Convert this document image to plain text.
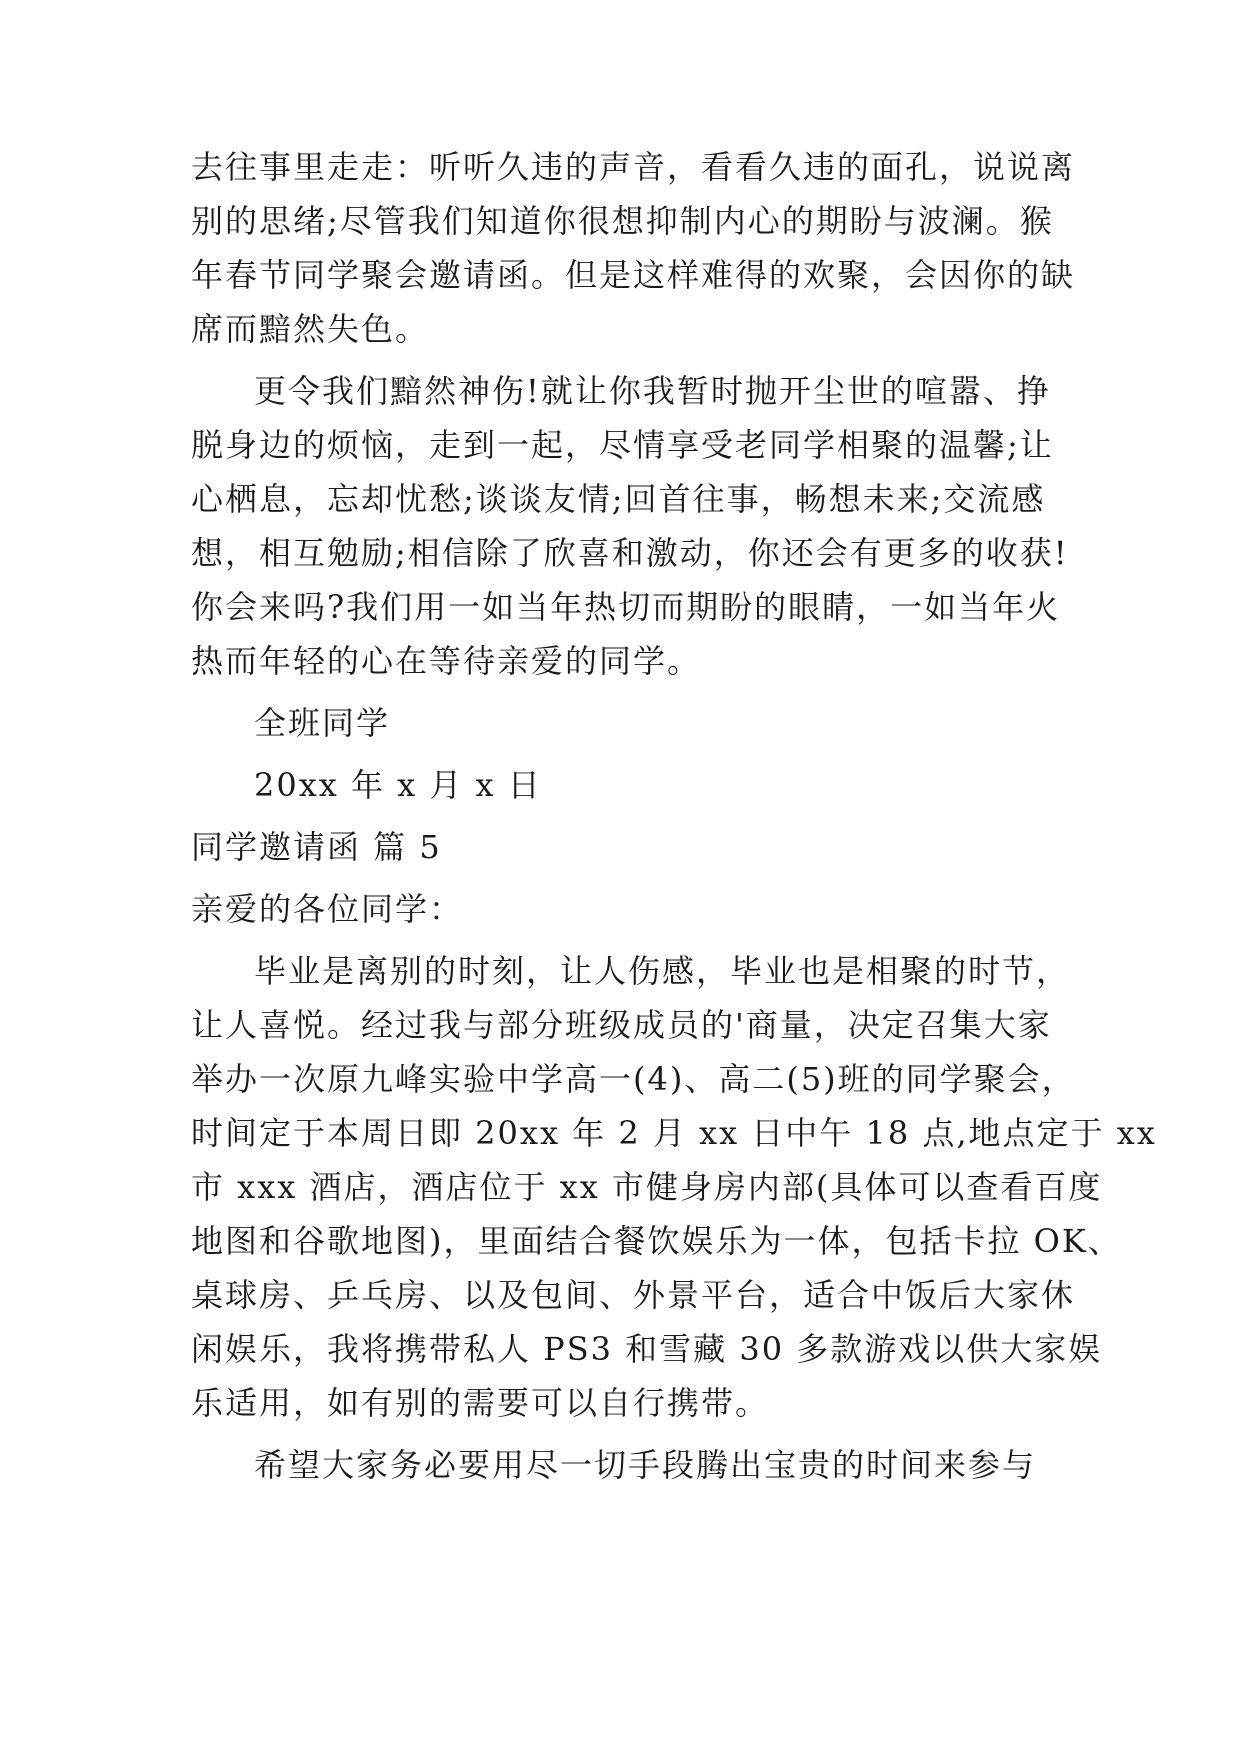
去往事里走走：听听久违的声音，看看久违的面孔，说说离
别的思绪;尽管我们知道你很想抑制内心的期盼与波澜。猴
年春节同学聚会邀请函。但是这样难得的欢聚，会因你的缺
席而黯然失色。
更令我们黯然神伤!就让你我暂时抛开尘世的喧嚣、挣
脱身边的烦恼，走到一起，尽情享受老同学相聚的温馨;让
心栖息，忘却忧愁;谈谈友情;回首往事，畅想未来;交流感
想，相互勉励;相信除了欣喜和激动，你还会有更多的收获!
你会来吗?我们用一如当年热切而期盼的眼睛，一如当年火
热而年轻的心在等待亲爱的同学。
全班同学
20xx 年 x 月 x 日
同学邀请函 篇 5
亲爱的各位同学：
毕业是离别的时刻，让人伤感，毕业也是相聚的时节，
让人喜悦。经过我与部分班级成员的'商量，决定召集大家
举办一次原九峰实验中学高一(4)、高二(5)班的同学聚会，
时间定于本周日即 20xx 年 2 月 xx 日中午 18 点,地点定于 xx
市 xxx 酒店，酒店位于 xx 市健身房内部(具体可以查看百度
地图和谷歌地图)，里面结合餐饮娱乐为一体，包括卡拉 OK、
桌球房、乒乓房、以及包间、外景平台，适合中饭后大家休
闲娱乐，我将携带私人 PS3 和雪藏 30 多款游戏以供大家娱
乐适用，如有别的需要可以自行携带。
希望大家务必要用尽一切手段腾出宝贵的时间来参与
